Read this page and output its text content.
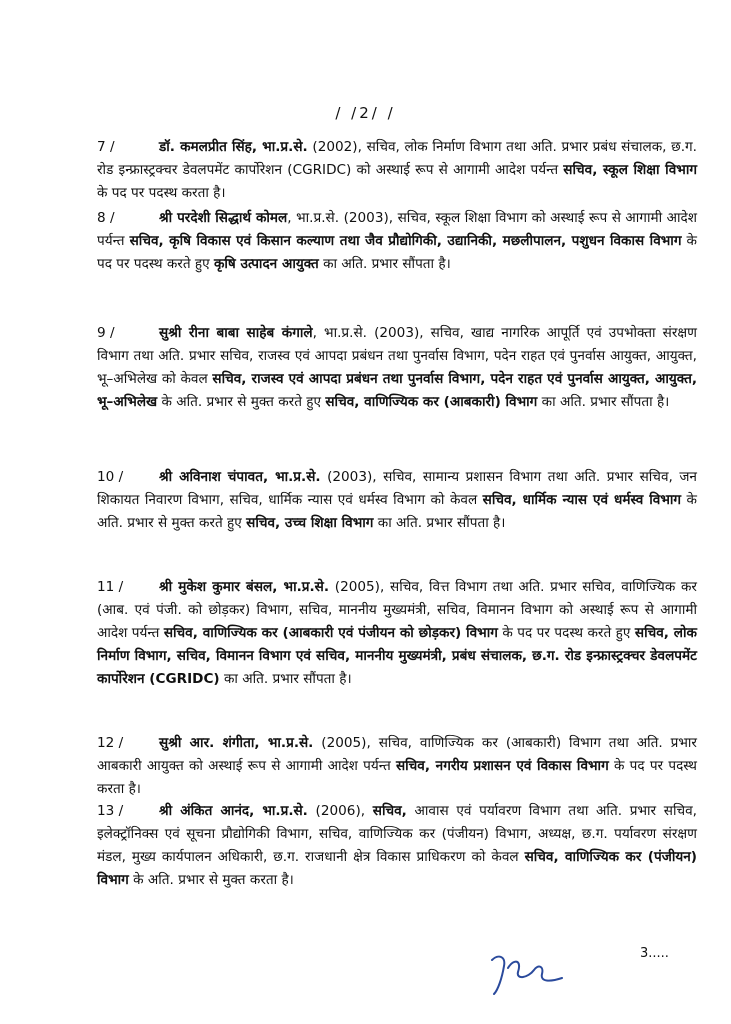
/ /2/ /
7 /	डॉ. कमलप्रीत सिंह, भा.प्र.से. (2002), सचिव, लोक निर्माण विभाग तथा अति. प्रभार प्रबंध संचालक, छ.ग. रोड इन्फ्रास्ट्रक्चर डेवलपमेंट कार्पोरेशन (CGRIDC) को अस्थाई रूप से आगामी आदेश पर्यन्त सचिव, स्कूल शिक्षा विभाग के पद पर पदस्थ करता है।
8 /	श्री परदेशी सिद्धार्थ कोमल, भा.प्र.से. (2003), सचिव, स्कूल शिक्षा विभाग को अस्थाई रूप से आगामी आदेश पर्यन्त सचिव, कृषि विकास एवं किसान कल्याण तथा जैव प्रौद्योगिकी, उद्यानिकी, मछलीपालन, पशुधन विकास विभाग के पद पर पदस्थ करते हुए कृषि उत्पादन आयुक्त का अति. प्रभार सौंपता है।
9 /	सुश्री रीना बाबा साहेब कंगाले, भा.प्र.से. (2003), सचिव, खाद्य नागरिक आपूर्ति एवं उपभोक्ता संरक्षण विभाग तथा अति. प्रभार सचिव, राजस्व एवं आपदा प्रबंधन तथा पुनर्वास विभाग, पदेन राहत एवं पुनर्वास आयुक्त, आयुक्त, भू–अभिलेख को केवल सचिव, राजस्व एवं आपदा प्रबंधन तथा पुनर्वास विभाग, पदेन राहत एवं पुनर्वास आयुक्त, आयुक्त, भू–अभिलेख के अति. प्रभार से मुक्त करते हुए सचिव, वाणिज्यिक कर (आबकारी) विभाग का अति. प्रभार सौंपता है।
10 /	श्री अविनाश चंपावत, भा.प्र.से. (2003), सचिव, सामान्य प्रशासन विभाग तथा अति. प्रभार सचिव, जन शिकायत निवारण विभाग, सचिव, धार्मिक न्यास एवं धर्मस्व विभाग को केवल सचिव, धार्मिक न्यास एवं धर्मस्व विभाग के अति. प्रभार से मुक्त करते हुए सचिव, उच्च शिक्षा विभाग का अति. प्रभार सौंपता है।
11 /	श्री मुकेश कुमार बंसल, भा.प्र.से. (2005), सचिव, वित्त विभाग तथा अति. प्रभार सचिव, वाणिज्यिक कर (आब. एवं पंजी. को छोड़कर) विभाग, सचिव, माननीय मुख्यमंत्री, सचिव, विमानन विभाग को अस्थाई रूप से आगामी आदेश पर्यन्त सचिव, वाणिज्यिक कर (आबकारी एवं पंजीयन को छोड़कर) विभाग के पद पर पदस्थ करते हुए सचिव, लोक निर्माण विभाग, सचिव, विमानन विभाग एवं सचिव, माननीय मुख्यमंत्री, प्रबंध संचालक, छ.ग. रोड इन्फ्रास्ट्रक्चर डेवलपमेंट कार्पोरेशन (CGRIDC) का अति. प्रभार सौंपता है।
12 /	सुश्री आर. शंगीता, भा.प्र.से. (2005), सचिव, वाणिज्यिक कर (आबकारी) विभाग तथा अति. प्रभार आबकारी आयुक्त को अस्थाई रूप से आगामी आदेश पर्यन्त सचिव, नगरीय प्रशासन एवं विकास विभाग के पद पर पदस्थ करता है।
13 /	श्री अंकित आनंद, भा.प्र.से. (2006), सचिव, आवास एवं पर्यावरण विभाग तथा अति. प्रभार सचिव, इलेक्ट्रॉनिक्स एवं सूचना प्रौद्योगिकी विभाग, सचिव, वाणिज्यिक कर (पंजीयन) विभाग, अध्यक्ष, छ.ग. पर्यावरण संरक्षण मंडल, मुख्य कार्यपालन अधिकारी, छ.ग. राजधानी क्षेत्र विकास प्राधिकरण को केवल सचिव, वाणिज्यिक कर (पंजीयन) विभाग के अति. प्रभार से मुक्त करता है।
3.....
